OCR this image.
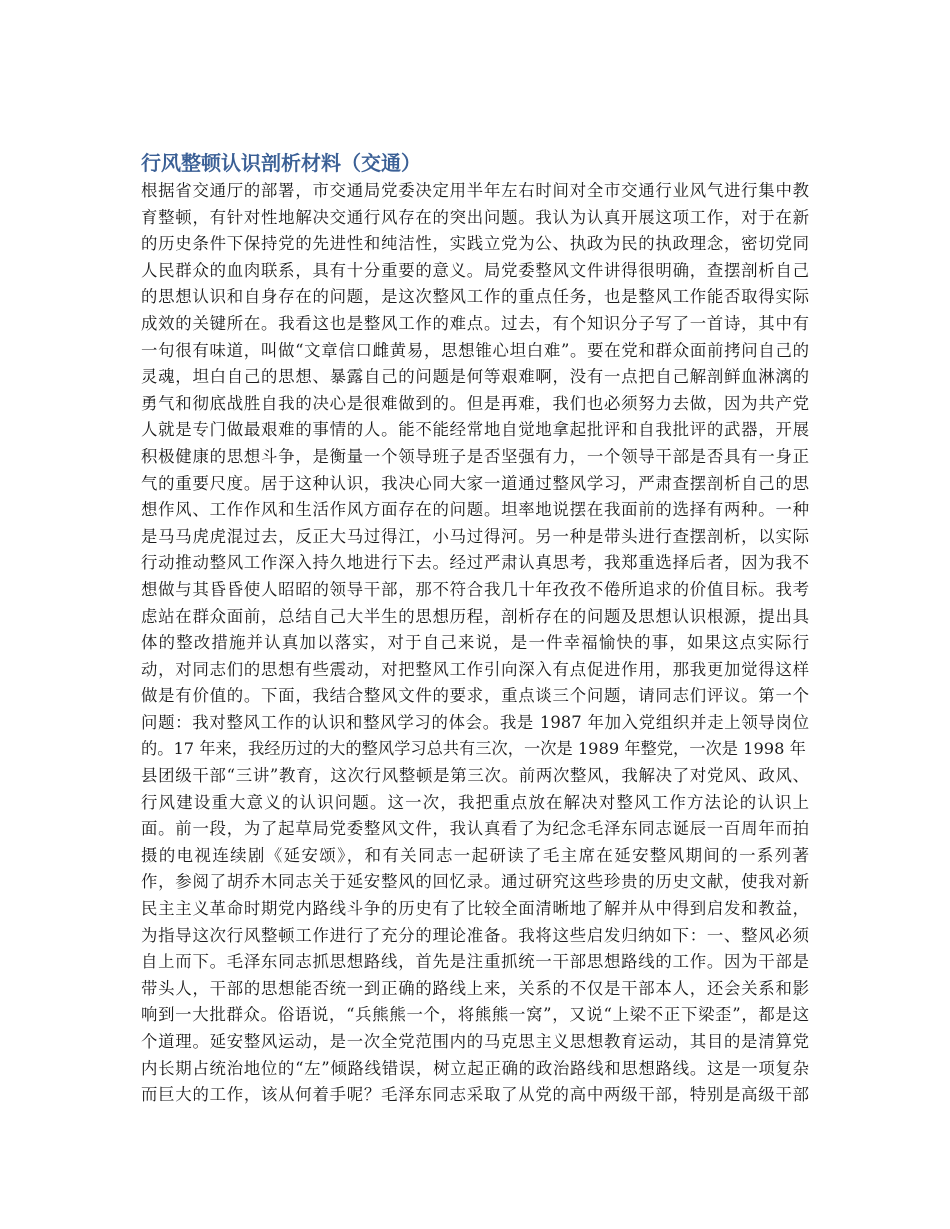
行风整顿认识剖析材料（交通）
根据省交通厅的部署，市交通局党委决定用半年左右时间对全市交通行业风气进行集中教
育整顿，有针对性地解决交通行风存在的突出问题。我认为认真开展这项工作，对于在新
的历史条件下保持党的先进性和纯洁性，实践立党为公、执政为民的执政理念，密切党同
人民群众的血肉联系，具有十分重要的意义。局党委整风文件讲得很明确，查摆剖析自己
的思想认识和自身存在的问题，是这次整风工作的重点任务，也是整风工作能否取得实际
成效的关键所在。我看这也是整风工作的难点。过去，有个知识分子写了一首诗，其中有
一句很有味道，叫做“文章信口雌黄易，思想锥心坦白难”。要在党和群众面前拷问自己的
灵魂，坦白自己的思想、暴露自己的问题是何等艰难啊，没有一点把自己解剖鲜血淋漓的
勇气和彻底战胜自我的决心是很难做到的。但是再难，我们也必须努力去做，因为共产党
人就是专门做最艰难的事情的人。能不能经常地自觉地拿起批评和自我批评的武器，开展
积极健康的思想斗争，是衡量一个领导班子是否坚强有力，一个领导干部是否具有一身正
气的重要尺度。居于这种认识，我决心同大家一道通过整风学习，严肃查摆剖析自己的思
想作风、工作作风和生活作风方面存在的问题。坦率地说摆在我面前的选择有两种。一种
是马马虎虎混过去，反正大马过得江，小马过得河。另一种是带头进行查摆剖析，以实际
行动推动整风工作深入持久地进行下去。经过严肃认真思考，我郑重选择后者，因为我不
想做与其昏昏使人昭昭的领导干部，那不符合我几十年孜孜不倦所追求的价值目标。我考
虑站在群众面前，总结自己大半生的思想历程，剖析存在的问题及思想认识根源，提出具
体的整改措施并认真加以落实，对于自己来说，是一件幸福愉快的事，如果这点实际行
动，对同志们的思想有些震动，对把整风工作引向深入有点促进作用，那我更加觉得这样
做是有价值的。下面，我结合整风文件的要求，重点谈三个问题，请同志们评议。第一个
问题：我对整风工作的认识和整风学习的体会。我是 1987 年加入党组织并走上领导岗位
的。17 年来，我经历过的大的整风学习总共有三次，一次是 1989 年整党，一次是 1998 年
县团级干部“三讲”教育，这次行风整顿是第三次。前两次整风，我解决了对党风、政风、
行风建设重大意义的认识问题。这一次，我把重点放在解决对整风工作方法论的认识上
面。前一段，为了起草局党委整风文件，我认真看了为纪念毛泽东同志诞辰一百周年而拍
摄的电视连续剧《延安颂》，和有关同志一起研读了毛主席在延安整风期间的一系列著
作，参阅了胡乔木同志关于延安整风的回忆录。通过研究这些珍贵的历史文献，使我对新
民主主义革命时期党内路线斗争的历史有了比较全面清晰地了解并从中得到启发和教益，
为指导这次行风整顿工作进行了充分的理论准备。我将这些启发归纳如下：一、整风必须
自上而下。毛泽东同志抓思想路线，首先是注重抓统一干部思想路线的工作。因为干部是
带头人，干部的思想能否统一到正确的路线上来，关系的不仅是干部本人，还会关系和影
响到一大批群众。俗语说，“兵熊熊一个，将熊熊一窝”，又说“上梁不正下梁歪”，都是这
个道理。延安整风运动，是一次全党范围内的马克思主义思想教育运动，其目的是清算党
内长期占统治地位的“左”倾路线错误，树立起正确的政治路线和思想路线。这是一项复杂
而巨大的工作，该从何着手呢？毛泽东同志采取了从党的高中两级干部，特别是高级干部
